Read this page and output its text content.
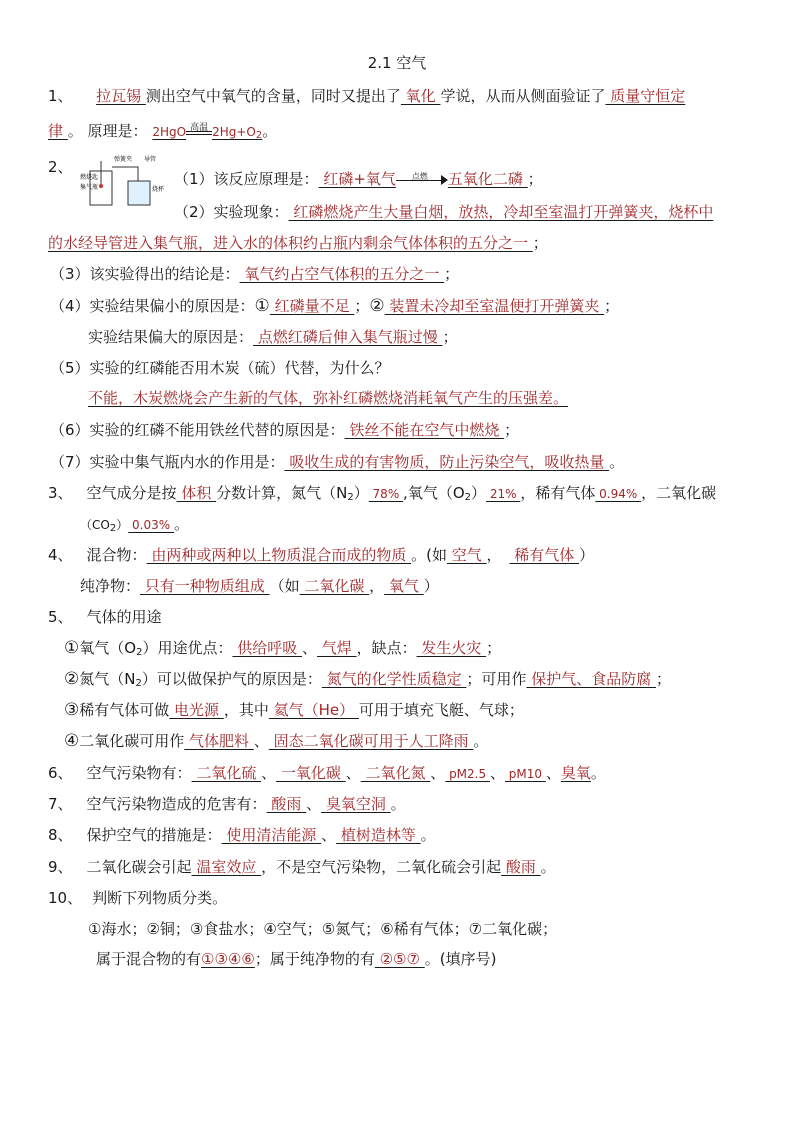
2.1 空气
1、  拉瓦锡 测出空气中氧气的含量，同时又提出了 氧化 学说，从而从侧面验证了 质量守恒定
律 。 原理是： 2HgO 高温 $2Hg+O_2$。
2、	弹簧夹 导管
燃烧匙
集气瓶	烧杯
（1）该反应原理是： 红磷+氧气	点燃	五氧化二磷 ；
（2）实验现象： 红磷燃烧产生大量白烟，放热，冷却至室温打开弹簧夹，烧杯中
的水经导管进入集气瓶，进入水的体积约占瓶内剩余气体体积的五分之一 ；
（3）该实验得出的结论是： 氧气约占空气体积的五分之一 ；
（4）实验结果偏小的原因是：① 红磷量不足 ；② 装置未冷却至室温便打开弹簧夹 ；
实验结果偏大的原因是： 点燃红磷后伸入集气瓶过慢 ；
（5）实验的红磷能否用木炭（硫）代替，为什么？
不能，木炭燃烧会产生新的气体，弥补红磷燃烧消耗氧气产生的压强差。
（6）实验的红磷不能用铁丝代替的原因是： 铁丝不能在空气中燃烧 ；
（7）实验中集气瓶内水的作用是： 吸收生成的有害物质，防止污染空气，吸收热量 。
3、 空气成分是按 体积 分数计算，氮气$(N_2)$ 78% ,氧气$(O_2)$ 21% ，稀有气体 0.94% ，二氧化碳
$(CO_2)$ 0.03% 。
4、 混合物： 由两种或两种以上物质混合而成的物质 。(如 空气 ， 稀有气体 ）
纯净物： 只有一种物质组成 （如 二氧化碳 ， 氧气 ）
5、 气体的用途
①氧气$(O_2)$用途优点： 供给呼吸 、 气焊 ，缺点： 发生火灾 ；
②氮气$(N_2)$可以做保护气的原因是： 氮气的化学性质稳定 ；可用作 保护气、食品防腐 ；
③稀有气体可做 电光源 ，其中 氦气（He） 可用于填充飞艇、气球；
④二氧化碳可用作 气体肥料 、 固态二氧化碳可用于人工降雨 。
6、 空气污染物有： 二氧化硫 、 一氧化碳 、 二氧化氮 、 pM2.5 、 pM10 、臭氧。
7、 空气污染物造成的危害有： 酸雨 、 臭氧空洞 。
8、 保护空气的措施是： 使用清洁能源 、 植树造林等 。
9、 二氧化碳会引起 温室效应 ，不是空气污染物，二氧化硫会引起 酸雨 。
10、 判断下列物质分类。
①海水；②铜；③食盐水；④空气；⑤氮气；⑥稀有气体；⑦二氧化碳；
属于混合物的有①③④⑥；属于纯净物的有 ②⑤⑦ 。(填序号)
